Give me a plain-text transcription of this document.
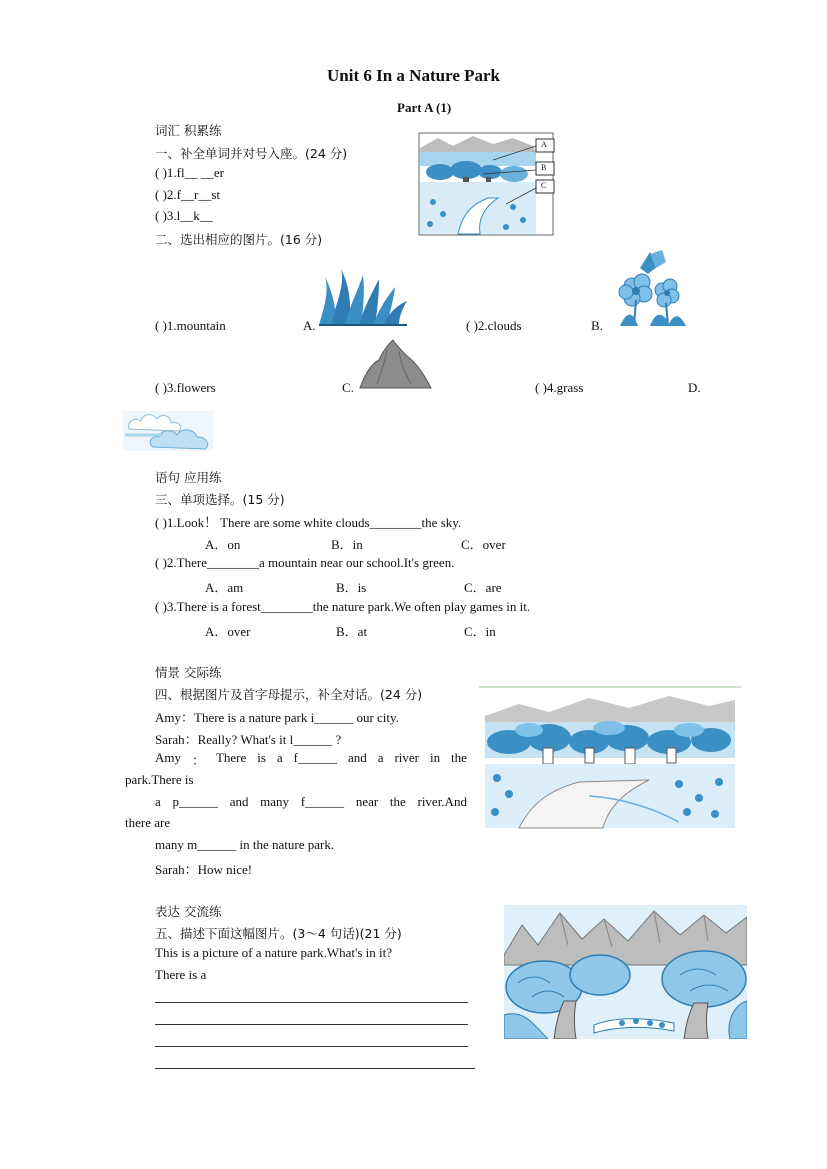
Unit 6 In a Nature Park
Part A (1)
词汇 积累练
一、补全单词并对号入座。(24 分)
( )1.fl__ __er
( )2.f__r__st
( )3.l__k__
A
B
C
二、选出相应的图片。(16 分)
( )1.mountain	A.	( )2.clouds	B.
( )3.flowers	C.	( )4.grass	D.
语句 应用练
三、单项选择。(15 分)
( )1.Look！ There are some white clouds________the sky.
A．on	B．in	C．over
( )2.There________a mountain near our school.It's green.
A．am	B．is	C．are
( )3.There is a forest________the nature park.We often play games in it.
A．over	B．at	C．in
情景 交际练
四、根据图片及首字母提示，补全对话。(24 分)
Amy：There is a nature park i______ our city.
Sarah：Really? What's it l______ ?
Amy ： There is a f______ and a river in the
park.There is
a p______ and many f______ near the river.And
there are
many m______ in the nature park.
Sarah：How nice!
表达 交流练
五、描述下面这幅图片。(3～4 句话)(21 分)
This is a picture of a nature park.What's in it?
There is a
